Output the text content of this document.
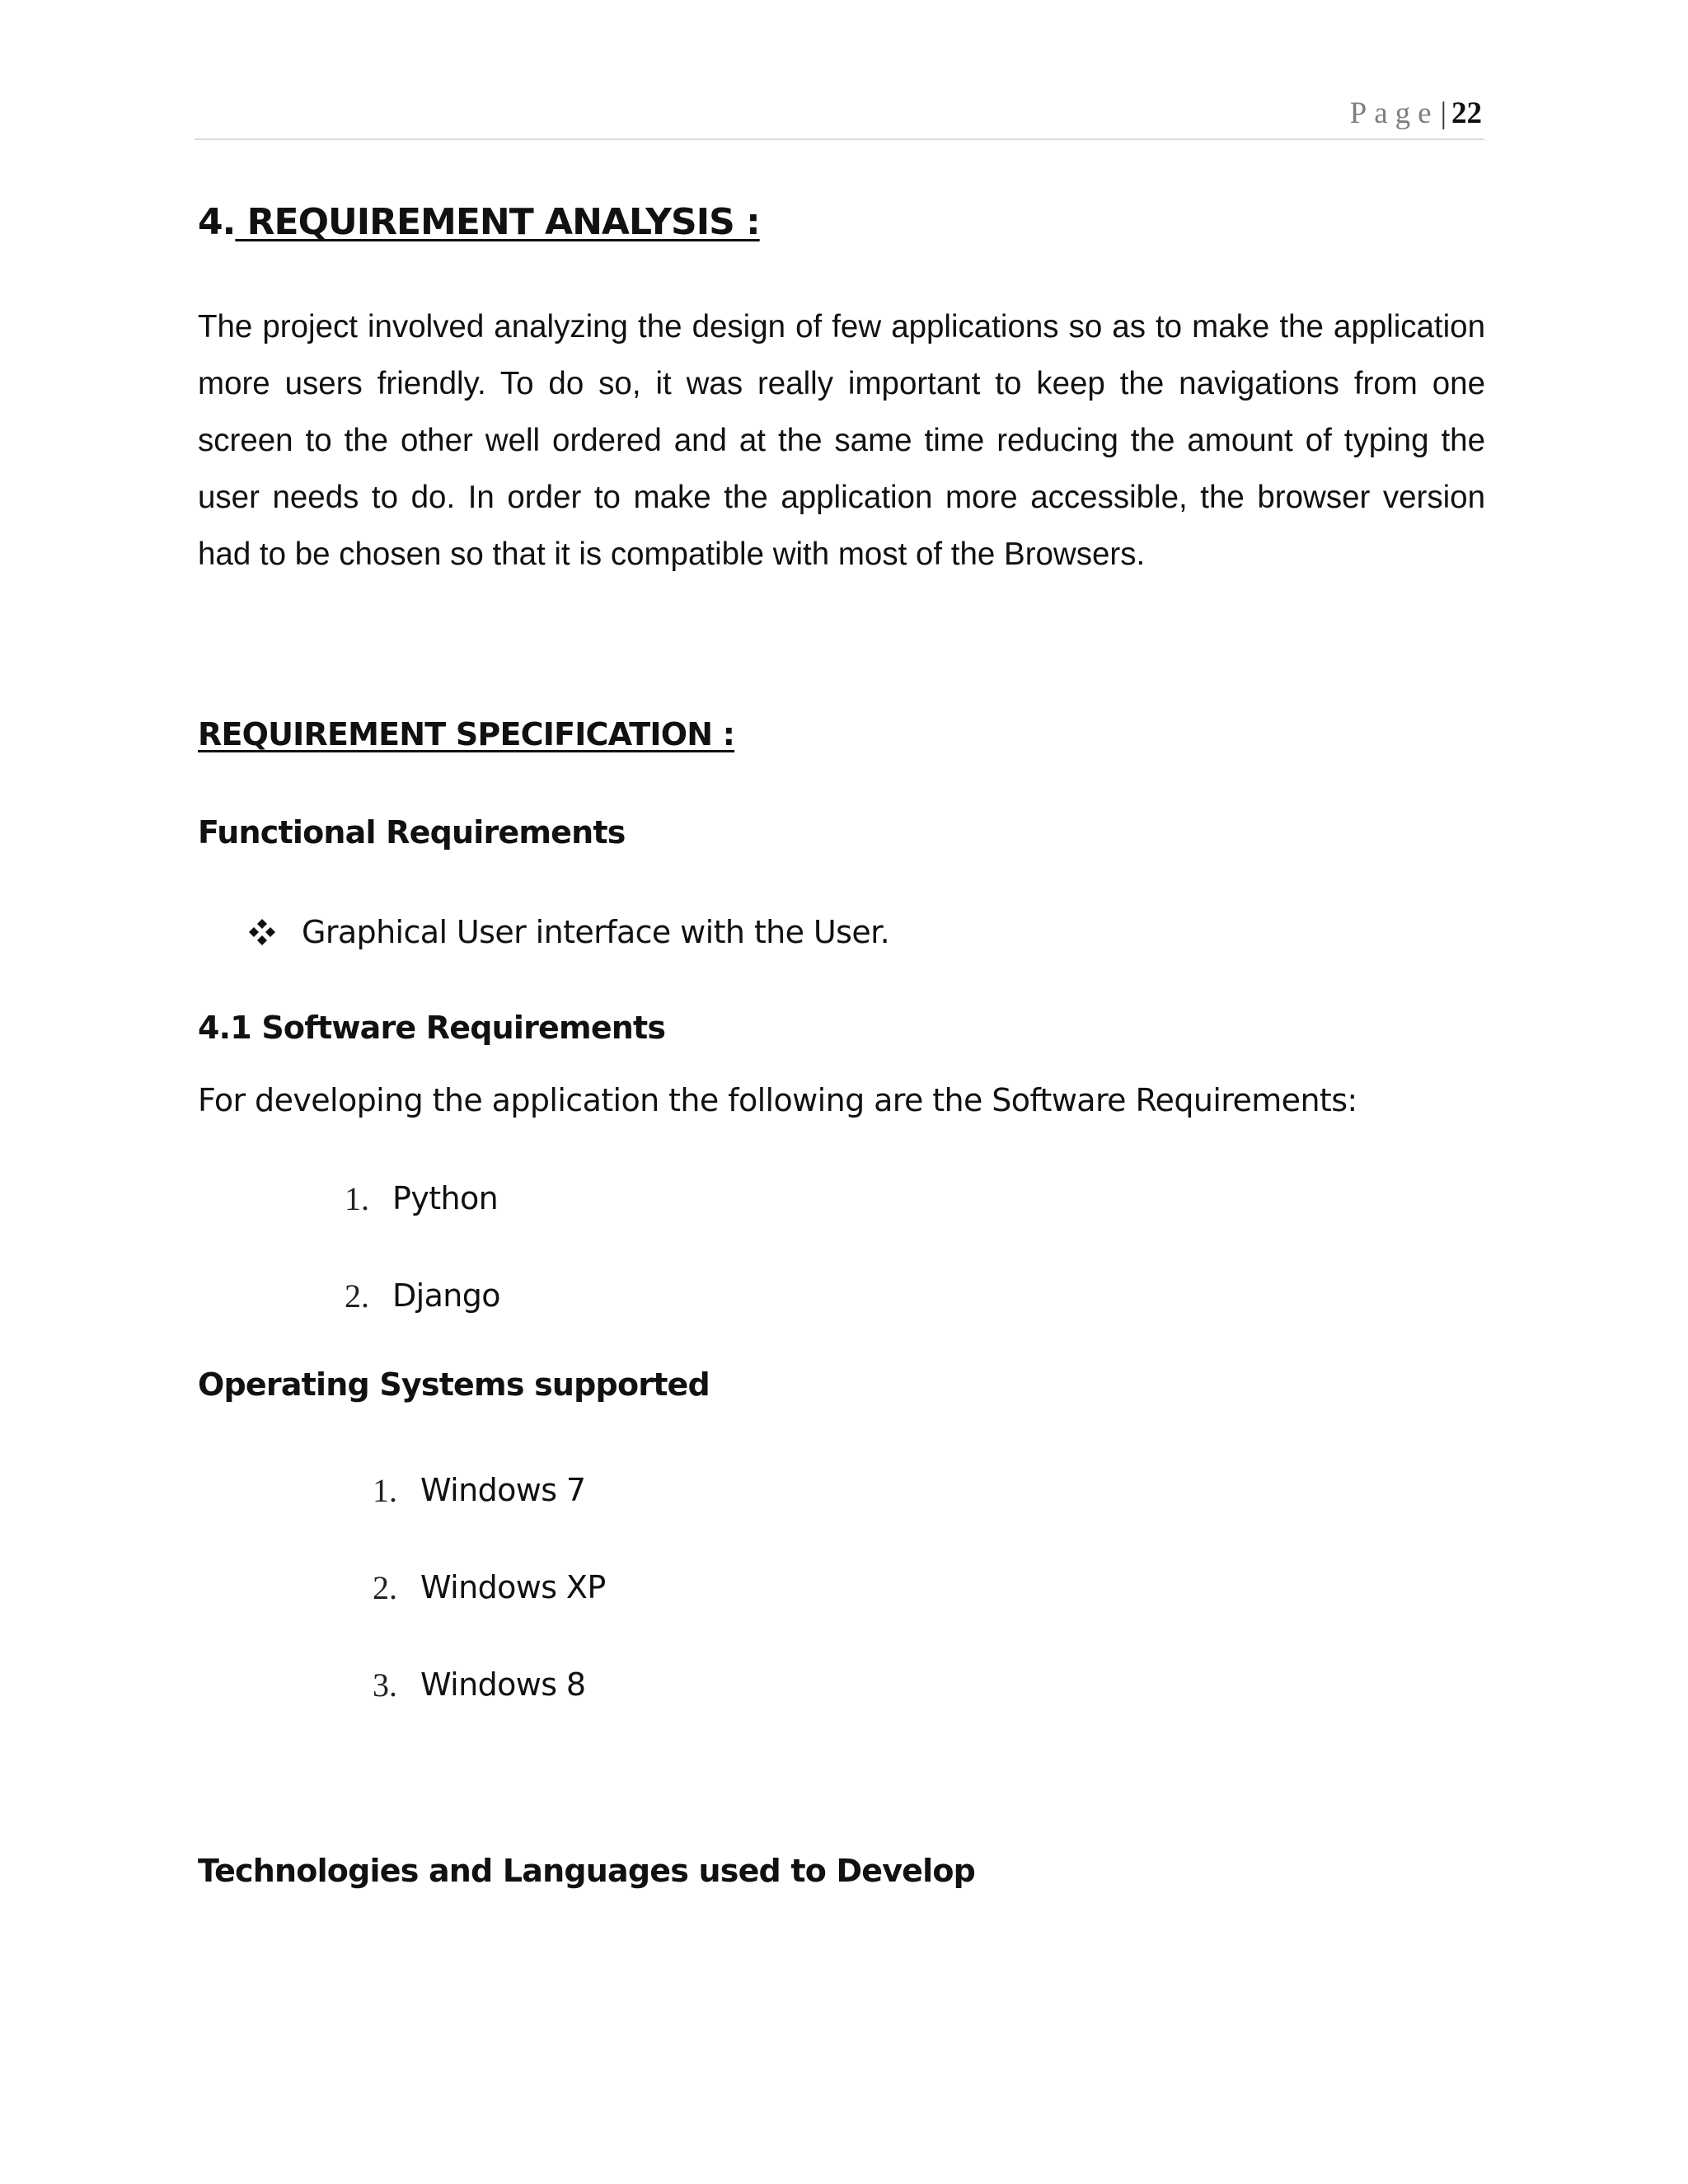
Page| 22
4. REQUIREMENT ANALYSIS :

The project involved analyzing the design of few applications so as to make the application more users friendly. To do so, it was really important to keep the navigations from one screen to the other well ordered and at the same time reducing the amount of typing the user needs to do. In order to make the application more accessible, the browser version had to be chosen so that it is compatible with most of the Browsers.

REQUIREMENT SPECIFICATION :
Functional Requirements
Graphical User interface with the User.
4.1 Software Requirements
For developing the application the following are the Software Requirements:
1. Python
2. Django
Operating Systems supported
1. Windows 7
2. Windows XP
3. Windows 8
Technologies and Languages used to Develop
